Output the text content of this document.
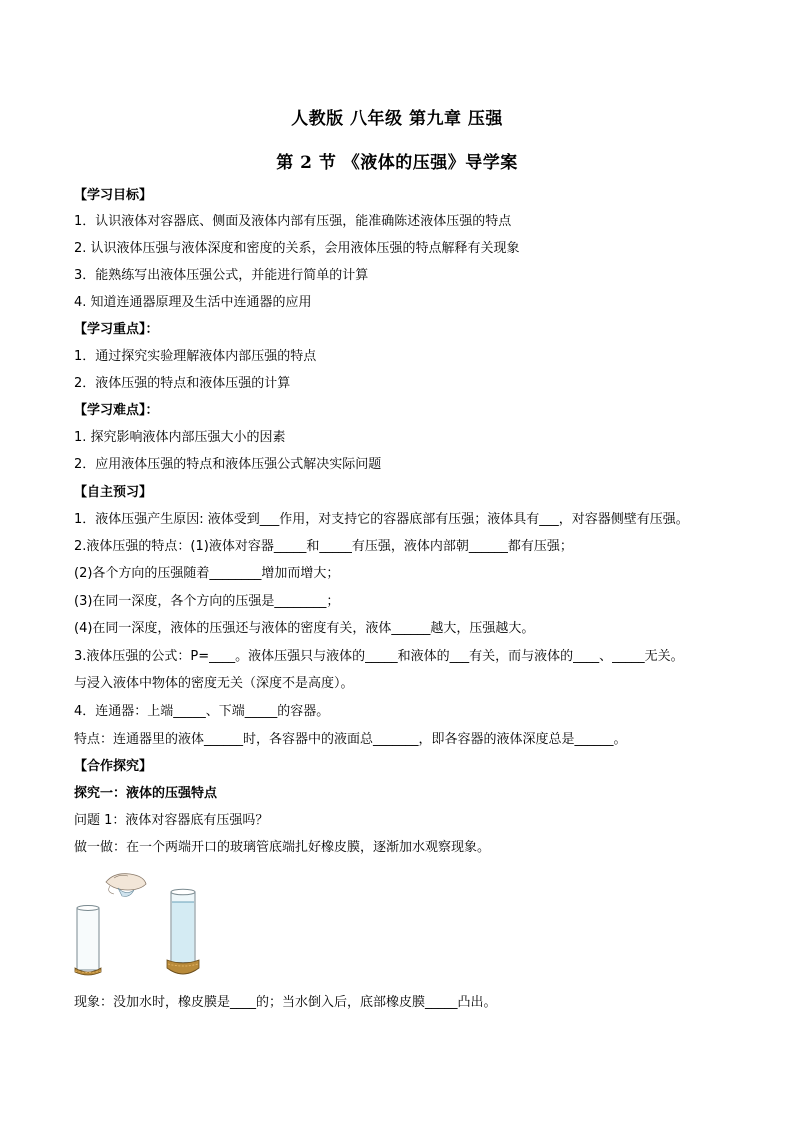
人教版 八年级 第九章 压强
第 2 节 《液体的压强》导学案
【学习目标】
1．认识液体对容器底、侧面及液体内部有压强，能准确陈述液体压强的特点
2. 认识液体压强与液体深度和密度的关系，会用液体压强的特点解释有关现象
3．能熟练写出液体压强公式，并能进行简单的计算
4. 知道连通器原理及生活中连通器的应用
【学习重点】：
1．通过探究实验理解液体内部压强的特点
2．液体压强的特点和液体压强的计算
【学习难点】：
1. 探究影响液体内部压强大小的因素
2．应用液体压强的特点和液体压强公式解决实际问题
【自主预习】
1．液体压强产生原因: 液体受到___作用，对支持它的容器底部有压强；液体具有___，对容器侧壁有压强。
2.液体压强的特点：(1)液体对容器_____和_____有压强，液体内部朝______都有压强；
(2)各个方向的压强随着________增加而增大；
(3)在同一深度，各个方向的压强是________；
(4)在同一深度，液体的压强还与液体的密度有关，液体______越大，压强越大。
3.液体压强的公式：P=____。液体压强只与液体的_____和液体的___有关，而与液体的____、_____无关。
与浸入液体中物体的密度无关（深度不是高度）。
4．连通器：上端_____、下端_____的容器。
特点：连通器里的液体______时，各容器中的液面总_______，即各容器的液体深度总是______。
【合作探究】
探究一：液体的压强特点
问题 1：液体对容器底有压强吗？
做一做：在一个两端开口的玻璃管底端扎好橡皮膜，逐渐加水观察现象。
现象：没加水时，橡皮膜是____的；当水倒入后，底部橡皮膜_____凸出。
